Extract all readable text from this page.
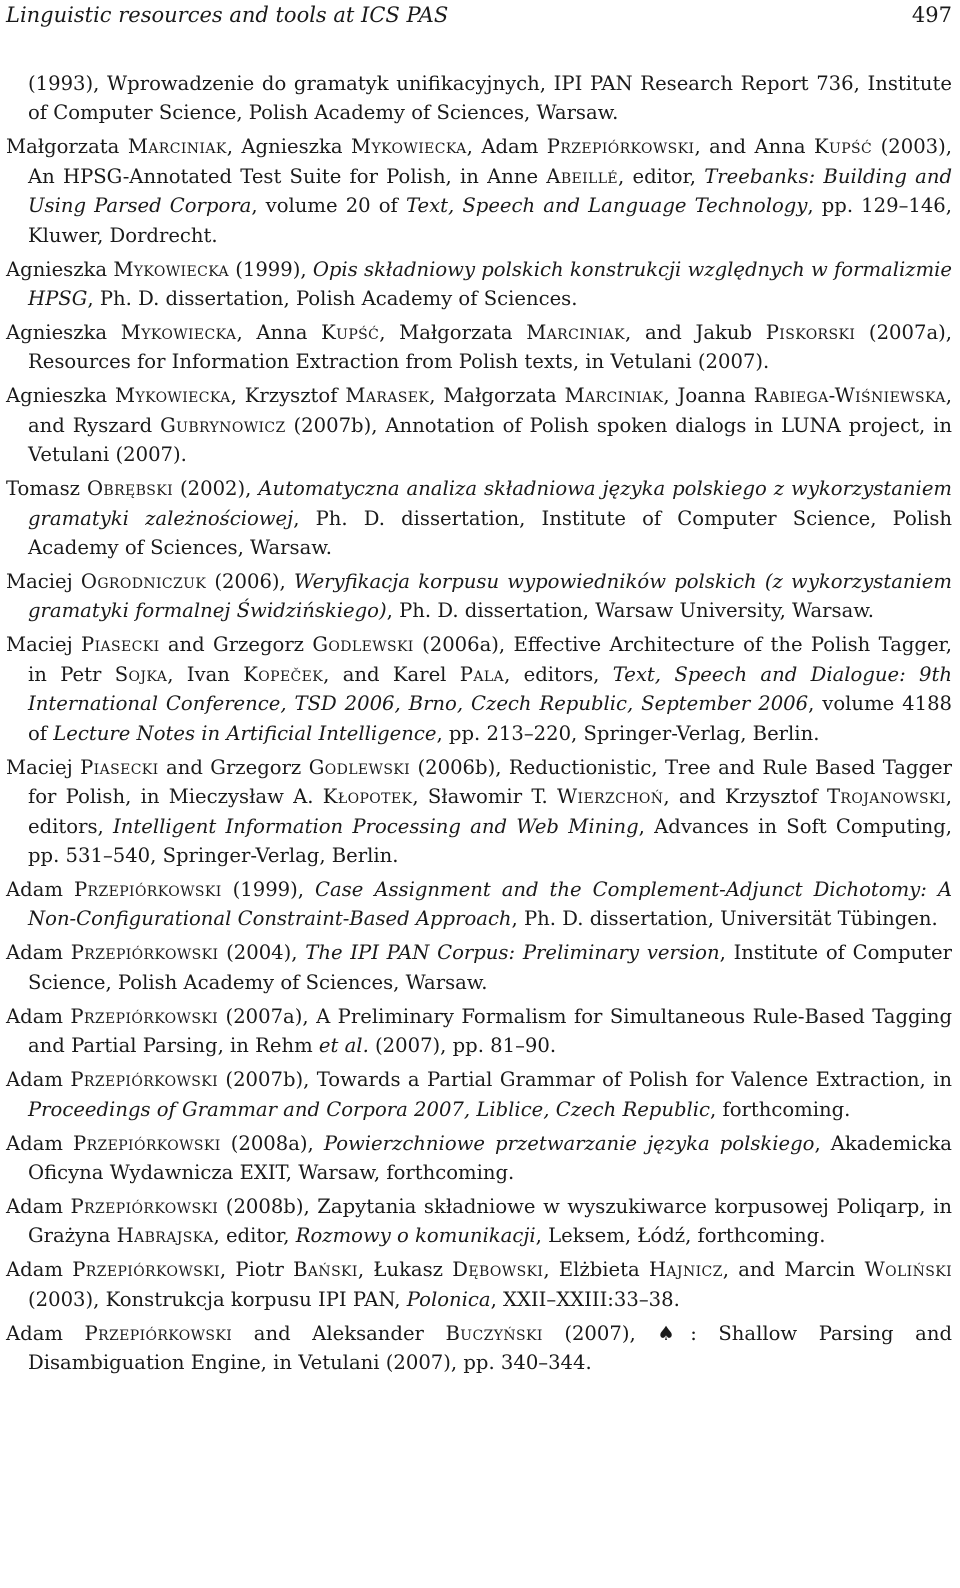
Linguistic resources and tools at ICS PAS	497

(1993), Wprowadzenie do gramatyk unifikacyjnych, IPI PAN Research Report 736, Institute of Computer Science, Polish Academy of Sciences, Warsaw.

Małgorzata Marciniak, Agnieszka Mykowiecka, Adam Przepiórkowski, and Anna Kupść (2003), An HPSG-Annotated Test Suite for Polish, in Anne Abeillé, editor, Treebanks: Building and Using Parsed Corpora, volume 20 of Text, Speech and Language Technology, pp. 129–146, Kluwer, Dordrecht.

Agnieszka Mykowiecka (1999), Opis składniowy polskich konstrukcji względnych w formalizmie HPSG, Ph. D. dissertation, Polish Academy of Sciences.

Agnieszka Mykowiecka, Anna Kupść, Małgorzata Marciniak, and Jakub Piskorski (2007a), Resources for Information Extraction from Polish texts, in Vetulani (2007).

Agnieszka Mykowiecka, Krzysztof Marasek, Małgorzata Marciniak, Joanna Rabiega-Wiśniewska, and Ryszard Gubrynowicz (2007b), Annotation of Polish spoken dialogs in LUNA project, in Vetulani (2007).

Tomasz Obrębski (2002), Automatyczna analiza składniowa języka polskiego z wykorzystaniem gramatyki zależnościowej, Ph. D. dissertation, Institute of Computer Science, Polish Academy of Sciences, Warsaw.

Maciej Ogrodniczuk (2006), Weryfikacja korpusu wypowiedników polskich (z wykorzystaniem gramatyki formalnej Świdzińskiego), Ph. D. dissertation, Warsaw University, Warsaw.

Maciej Piasecki and Grzegorz Godlewski (2006a), Effective Architecture of the Polish Tagger, in Petr Sojka, Ivan Kopeček, and Karel Pala, editors, Text, Speech and Dialogue: 9th International Conference, TSD 2006, Brno, Czech Republic, September 2006, volume 4188 of Lecture Notes in Artificial Intelligence, pp. 213–220, Springer-Verlag, Berlin.

Maciej Piasecki and Grzegorz Godlewski (2006b), Reductionistic, Tree and Rule Based Tagger for Polish, in Mieczysław A. Kłopotek, Sławomir T. Wierzchoń, and Krzysztof Trojanowski, editors, Intelligent Information Processing and Web Mining, Advances in Soft Computing, pp. 531–540, Springer-Verlag, Berlin.

Adam Przepiórkowski (1999), Case Assignment and the Complement-Adjunct Dichotomy: A Non-Configurational Constraint-Based Approach, Ph. D. dissertation, Universität Tübingen.

Adam Przepiórkowski (2004), The IPI PAN Corpus: Preliminary version, Institute of Computer Science, Polish Academy of Sciences, Warsaw.

Adam Przepiórkowski (2007a), A Preliminary Formalism for Simultaneous Rule-Based Tagging and Partial Parsing, in Rehm et al. (2007), pp. 81–90.

Adam Przepiórkowski (2007b), Towards a Partial Grammar of Polish for Valence Extraction, in Proceedings of Grammar and Corpora 2007, Liblice, Czech Republic, forthcoming.

Adam Przepiórkowski (2008a), Powierzchniowe przetwarzanie języka polskiego, Akademicka Oficyna Wydawnicza EXIT, Warsaw, forthcoming.

Adam Przepiórkowski (2008b), Zapytania składniowe w wyszukiwarce korpusowej Poliqarp, in Grażyna Habrajska, editor, Rozmowy o komunikacji, Leksem, Łódź, forthcoming.

Adam Przepiórkowski, Piotr Bański, Łukasz Dębowski, Elżbieta Hajnicz, and Marcin Woliński (2003), Konstrukcja korpusu IPI PAN, Polonica, XXII–XXIII:33–38.

Adam Przepiórkowski and Aleksander Buczyński (2007), ♠: Shallow Parsing and Disambiguation Engine, in Vetulani (2007), pp. 340–344.
